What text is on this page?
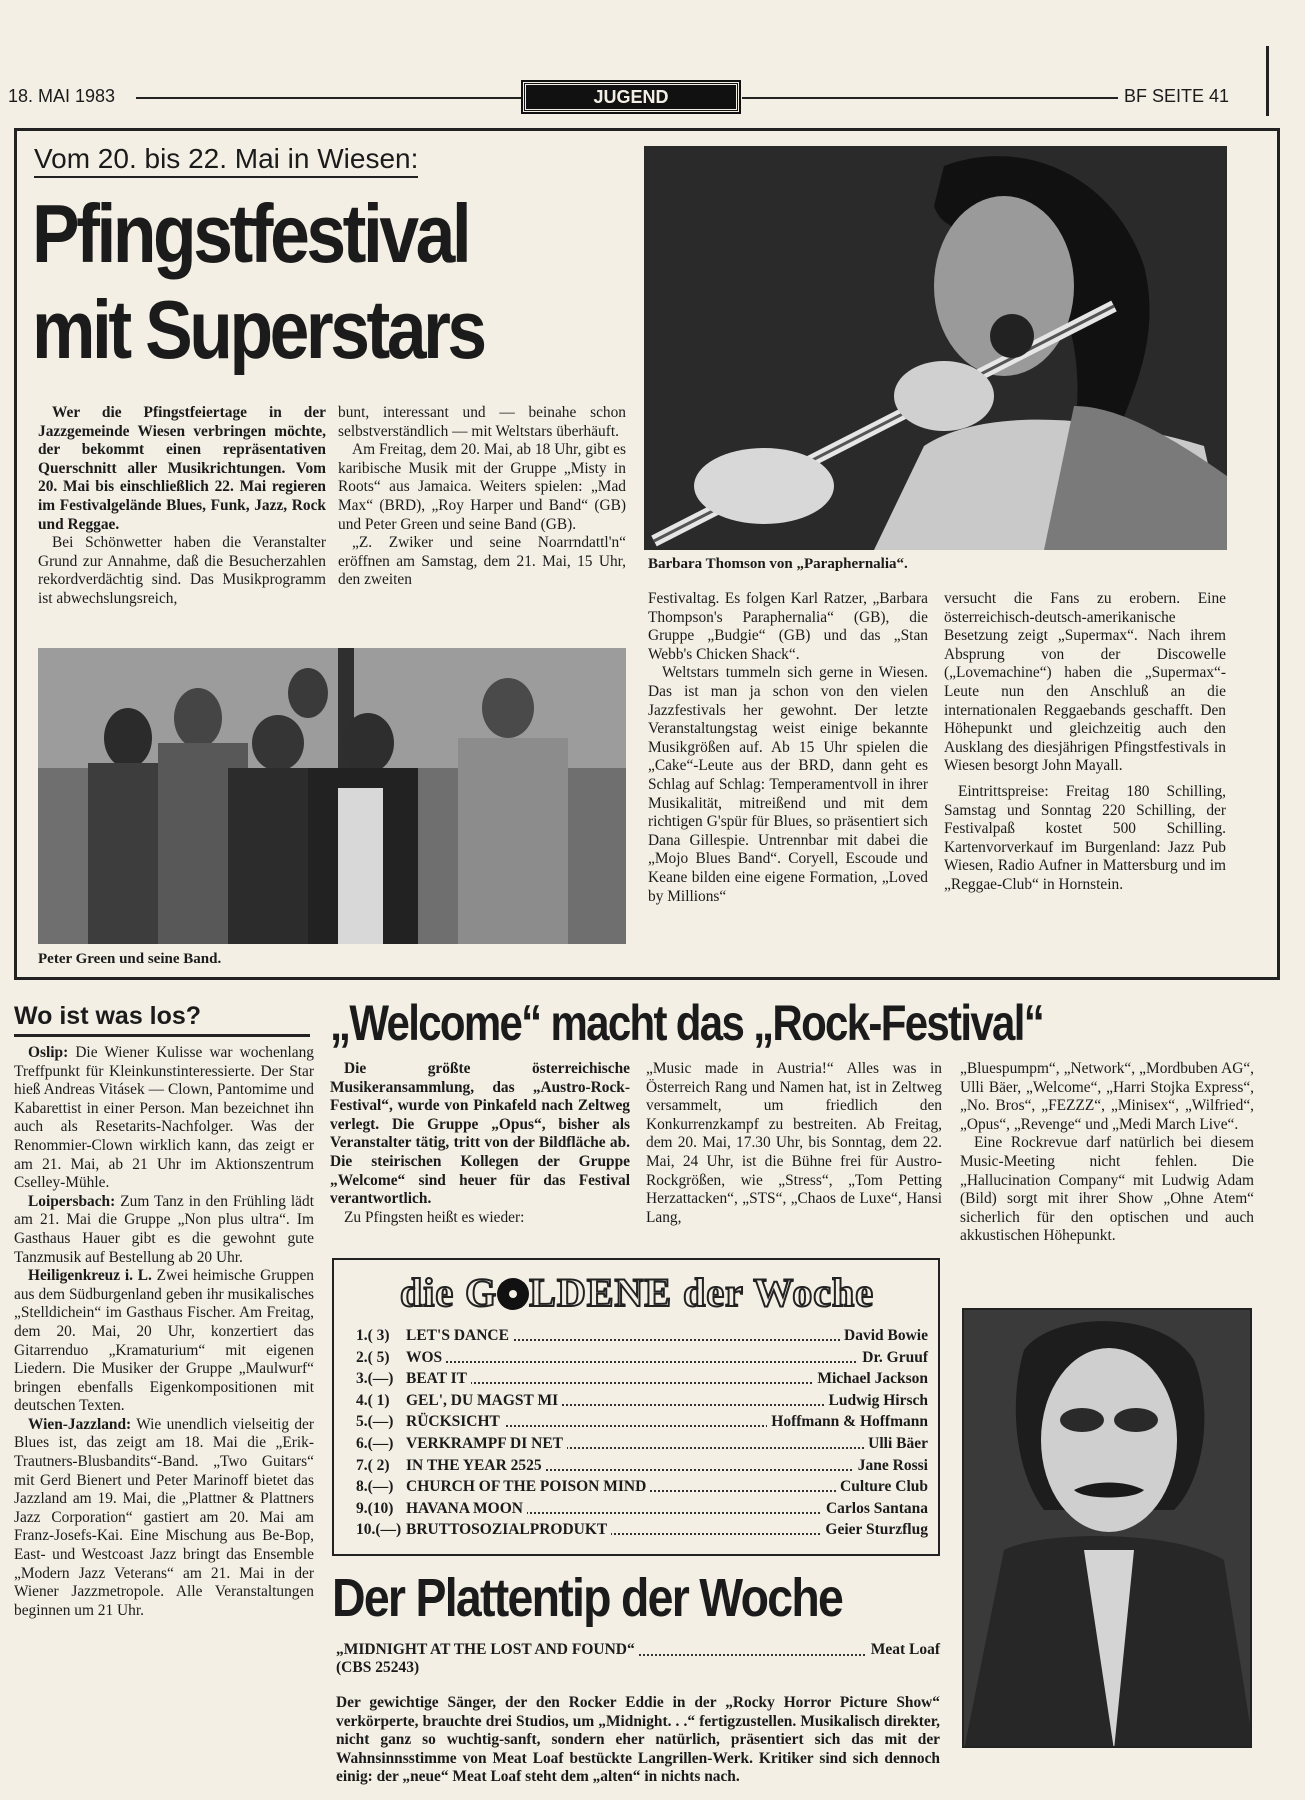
18. MAI 1983	JUGEND	BF SEITE 41
Vom 20. bis 22. Mai in Wiesen:
Pfingstfestival
mit Superstars
Barbara Thomson von „Paraphernalia“.
Peter Green und seine Band.

Wer die Pfingstfeiertage in der Jazzgemeinde Wiesen verbringen möchte, der bekommt einen repräsentativen Querschnitt aller Musikrichtungen. Vom 20. Mai bis einschließlich 22. Mai regieren im Festivalgelände Blues, Funk, Jazz, Rock und Reggae.

Bei Schönwetter haben die Veranstalter Grund zur Annahme, daß die Besucherzahlen rekordverdächtig sind. Das Musikprogramm ist abwechslungsreich,

bunt, interessant und — beinahe schon selbstverständlich — mit Weltstars überhäuft.

Am Freitag, dem 20. Mai, ab 18 Uhr, gibt es karibische Musik mit der Gruppe „Misty in Roots“ aus Jamaica. Weiters spielen: „Mad Max“ (BRD), „Roy Harper und Band“ (GB) und Peter Green und seine Band (GB).

„Z. Zwiker und seine Noarrndattl'n“ eröffnen am Samstag, dem 21. Mai, 15 Uhr, den zweiten

Festivaltag. Es folgen Karl Ratzer, „Barbara Thompson's Paraphernalia“ (GB), die Gruppe „Budgie“ (GB) und das „Stan Webb's Chicken Shack“.

Weltstars tummeln sich gerne in Wiesen. Das ist man ja schon von den vielen Jazzfestivals her gewohnt. Der letzte Veranstaltungstag weist einige bekannte Musikgrößen auf. Ab 15 Uhr spielen die „Cake“-Leute aus der BRD, dann geht es Schlag auf Schlag: Temperamentvoll in ihrer Musikalität, mitreißend und mit dem richtigen G'spür für Blues, so präsentiert sich Dana Gillespie. Untrennbar mit dabei die „Mojo Blues Band“. Coryell, Escoude und Keane bilden eine eigene Formation, „Loved by Millions“

versucht die Fans zu erobern. Eine österreichisch-deutsch-amerikanische Besetzung zeigt „Supermax“. Nach ihrem Absprung von der Discowelle („Lovemachine“) haben die „Supermax“-Leute nun den Anschluß an die internationalen Reggaebands geschafft. Den Höhepunkt und gleichzeitig auch den Ausklang des diesjährigen Pfingstfestivals in Wiesen besorgt John Mayall.

Eintrittspreise: Freitag 180 Schilling, Samstag und Sonntag 220 Schilling, der Festivalpaß kostet 500 Schilling. Kartenvorverkauf im Burgenland: Jazz Pub Wiesen, Radio Aufner in Mattersburg und im „Reggae-Club“ in Hornstein.

Wo ist was los?

Oslip: Die Wiener Kulisse war wochenlang Treffpunkt für Kleinkunstinteressierte. Der Star hieß Andreas Vitásek — Clown, Pantomime und Kabarettist in einer Person. Man bezeichnet ihn auch als Resetarits-Nachfolger. Was der Renommier-Clown wirklich kann, das zeigt er am 21. Mai, ab 21 Uhr im Aktionszentrum Cselley-Mühle.

Loipersbach: Zum Tanz in den Frühling lädt am 21. Mai die Gruppe „Non plus ultra“. Im Gasthaus Hauer gibt es die gewohnt gute Tanzmusik auf Bestellung ab 20 Uhr.

Heiligenkreuz i. L. Zwei heimische Gruppen aus dem Südburgenland geben ihr musikalisches „Stelldichein“ im Gasthaus Fischer. Am Freitag, dem 20. Mai, 20 Uhr, konzertiert das Gitarrenduo „Kramaturium“ mit eigenen Liedern. Die Musiker der Gruppe „Maulwurf“ bringen ebenfalls Eigenkompositionen mit deutschen Texten.

Wien-Jazzland: Wie unendlich vielseitig der Blues ist, das zeigt am 18. Mai die „Erik-Trautners-Blusbandits“-Band. „Two Guitars“ mit Gerd Bienert und Peter Marinoff bietet das Jazzland am 19. Mai, die „Plattner & Plattners Jazz Corporation“ gastiert am 20. Mai am Franz-Josefs-Kai. Eine Mischung aus Be-Bop, East- und Westcoast Jazz bringt das Ensemble „Modern Jazz Veterans“ am 21. Mai in der Wiener Jazzmetropole. Alle Veranstaltungen beginnen um 21 Uhr.

„Welcome“ macht das „Rock-Festival“

Die größte österreichische Musikeransammlung, das „Austro-Rock-Festival“, wurde von Pinkafeld nach Zeltweg verlegt. Die Gruppe „Opus“, bisher als Veranstalter tätig, tritt von der Bildfläche ab. Die steirischen Kollegen der Gruppe „Welcome“ sind heuer für das Festival verantwortlich.

Zu Pfingsten heißt es wieder:

„Music made in Austria!“ Alles was in Österreich Rang und Namen hat, ist in Zeltweg versammelt, um friedlich den Konkurrenzkampf zu bestreiten. Ab Freitag, dem 20. Mai, 17.30 Uhr, bis Sonntag, dem 22. Mai, 24 Uhr, ist die Bühne frei für Austro-Rockgrößen, wie „Stress“, „Tom Petting Herzattacken“, „STS“, „Chaos de Luxe“, Hansi Lang,

„Bluespumpm“, „Network“, „Mordbuben AG“, Ulli Bäer, „Welcome“, „Harri Stojka Express“, „No. Bros“, „FEZZZ“, „Minisex“, „Wilfried“, „Opus“, „Revenge“ und „Medi March Live“.

Eine Rockrevue darf natürlich bei diesem Music-Meeting nicht fehlen. Die „Hallucination Company“ mit Ludwig Adam (Bild) sorgt mit ihrer Show „Ohne Atem“ sicherlich für den optischen und auch akkustischen Höhepunkt.

die G LDENE der Woche
1.( 3)	LET'S DANCE	David Bowie
2.( 5)	WOS	Dr. Gruuf
3.(—) BEAT IT	Michael Jackson
4.( 1)	GEL', DU MAGST MI	Ludwig Hirsch
5.(—) RÜCKSICHT	Hoffmann & Hoffmann
6.(—) VERKRAMPF DI NET	Ulli Bäer
7.( 2)	IN THE YEAR 2525	Jane Rossi
8.(—) CHURCH OF THE POISON MIND	Culture Club
9.(10) HAVANA MOON	Carlos Santana
10.(—) BRUTTOSOZIALPRODUKT	Geier Sturzflug
Der Plattentip der Woche
„MIDNIGHT AT THE LOST AND FOUND“	Meat Loaf
(CBS 25243)

Der gewichtige Sänger, der den Rocker Eddie in der „Rocky Horror Picture Show“ verkörperte, brauchte drei Studios, um „Midnight. . .“ fertigzustellen. Musikalisch direkter, nicht ganz so wuchtig-sanft, sondern eher natürlich, präsentiert sich das mit der Wahnsinnsstimme von Meat Loaf bestückte Langrillen-Werk. Kritiker sind sich dennoch einig: der „neue“ Meat Loaf steht dem „alten“ in nichts nach.
